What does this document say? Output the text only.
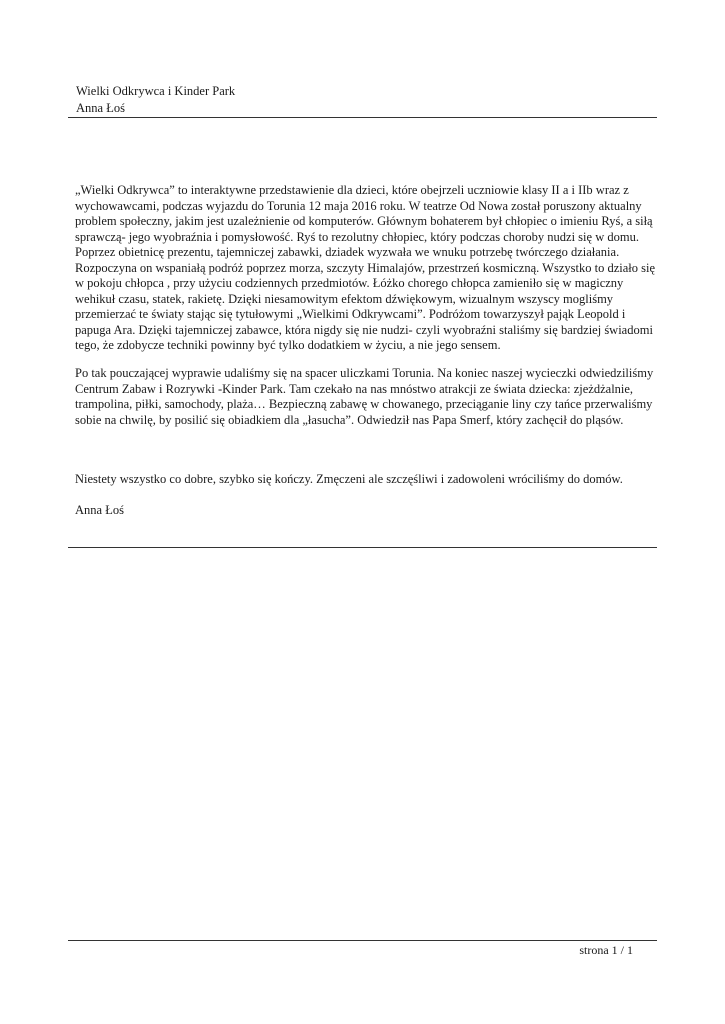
Wielki Odkrywca i Kinder Park
Anna Łoś

„Wielki Odkrywca” to interaktywne przedstawienie dla dzieci, które obejrzeli uczniowie klasy II a i IIb wraz z wychowawcami, podczas wyjazdu do Torunia 12 maja 2016 roku. W teatrze Od Nowa został poruszony aktualny problem społeczny, jakim jest uzależnienie od komputerów. Głównym bohaterem był chłopiec o imieniu Ryś, a siłą sprawczą- jego wyobraźnia i pomysłowość. Ryś to rezolutny chłopiec, który podczas choroby nudzi się w domu. Poprzez obietnicę prezentu, tajemniczej zabawki, dziadek wyzwała we wnuku potrzebę twórczego działania. Rozpoczyna on wspaniałą podróż poprzez morza, szczyty Himalajów, przestrzeń kosmiczną. Wszystko to działo się w pokoju chłopca , przy użyciu codziennych przedmiotów. Łóżko chorego chłopca zamieniło się w magiczny wehikuł czasu, statek, rakietę. Dzięki niesamowitym efektom dźwiękowym, wizualnym wszyscy mogliśmy przemierzać te światy stając się tytułowymi „Wielkimi Odkrywcami”. Podróżom towarzyszył pająk Leopold i papuga Ara. Dzięki tajemniczej zabawce, która nigdy się nie nudzi- czyli wyobraźni staliśmy się bardziej świadomi tego, że zdobycze techniki powinny być tylko dodatkiem w życiu, a nie jego sensem.

Po tak pouczającej wyprawie udaliśmy się na spacer uliczkami Torunia. Na koniec naszej wycieczki odwiedziliśmy Centrum Zabaw i Rozrywki -Kinder Park. Tam czekało na nas mnóstwo atrakcji ze świata dziecka: zjeżdżalnie, trampolina, piłki, samochody, plaża… Bezpieczną zabawę w chowanego, przeciąganie liny czy tańce przerwaliśmy sobie na chwilę, by posilić się obiadkiem dla „łasucha”. Odwiedził nas Papa Smerf, który zachęcił do pląsów.

Niestety wszystko co dobre, szybko się kończy. Zmęczeni ale szczęśliwi i zadowoleni wróciliśmy do domów.

Anna Łoś

strona 1 / 1
